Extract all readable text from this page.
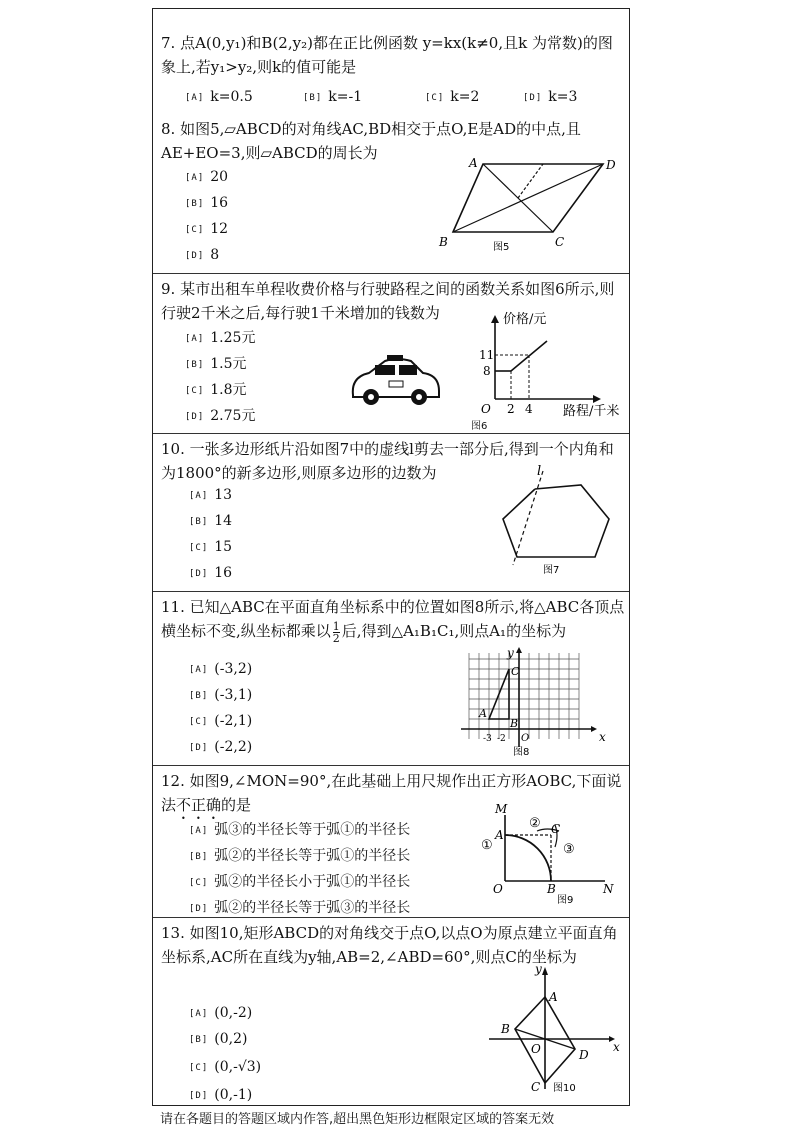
7. 点A(0,y₁)和B(2,y₂)都在正比例函数 y=kx(k≠0,且k 为常数)的图象上,若y₁>y₂,则k的值可能是

[A] k=0.5	[B] k=-1	[C] k=2	[D] k=3

8. 如图5,▱ABCD的对角线AC,BD相交于点O,E是AD的中点,且AE+EO=3,则▱ABCD的周长为

[A] 20
[B] 16
[C] 12
[D] 8
A	D
B	C
图5

9. 某市出租车单程收费价格与行驶路程之间的函数关系如图6所示,则行驶2千米之后,每行驶1千米增加的钱数为

[A] 1.25元
[B] 1.5元
[C] 1.8元
[D] 2.75元
价格/元
路程/千米
11
8
O 2 4
图6

10. 一张多边形纸片沿如图7中的虚线l剪去一部分后,得到一个内角和为1800°的新多边形,则原多边形的边数为

[A] 13
[B] 14
[C] 15
[D] 16
l
图7

11. 已知△ABC在平面直角坐标系中的位置如图8所示,将△ABC各顶点横坐标不变,纵坐标都乘以 $\frac{1}{2}$ 后,得到△A₁B₁C₁,则点A₁的坐标为

[A] (-3,2)
[B] (-3,1)
[C] (-2,1)
[D] (-2,2)
y
x
O
A
B
C
-3 -2
图8

12. 如图9,∠MON=90°,在此基础上用尺规作出正方形AOBC,下面说法不正确的是

[A] 弧③的半径长等于弧①的半径长
[B] 弧②的半径长等于弧①的半径长
[C] 弧②的半径长小于弧①的半径长
[D] 弧②的半径长等于弧③的半径长
M
A
①
②
③
C
O	B	N
图9

13. 如图10,矩形ABCD的对角线交于点O,以点O为原点建立平面直角坐标系,AC所在直线为y轴,AB=2,∠ABD=60°,则点C的坐标为

[A] (0,-2)
[B] (0,2)
[C] (0,-√3)
[D] (0,-1)
y
x
A
B
O	D
C 图10
请在各题目的答题区域内作答,超出黑色矩形边框限定区域的答案无效
